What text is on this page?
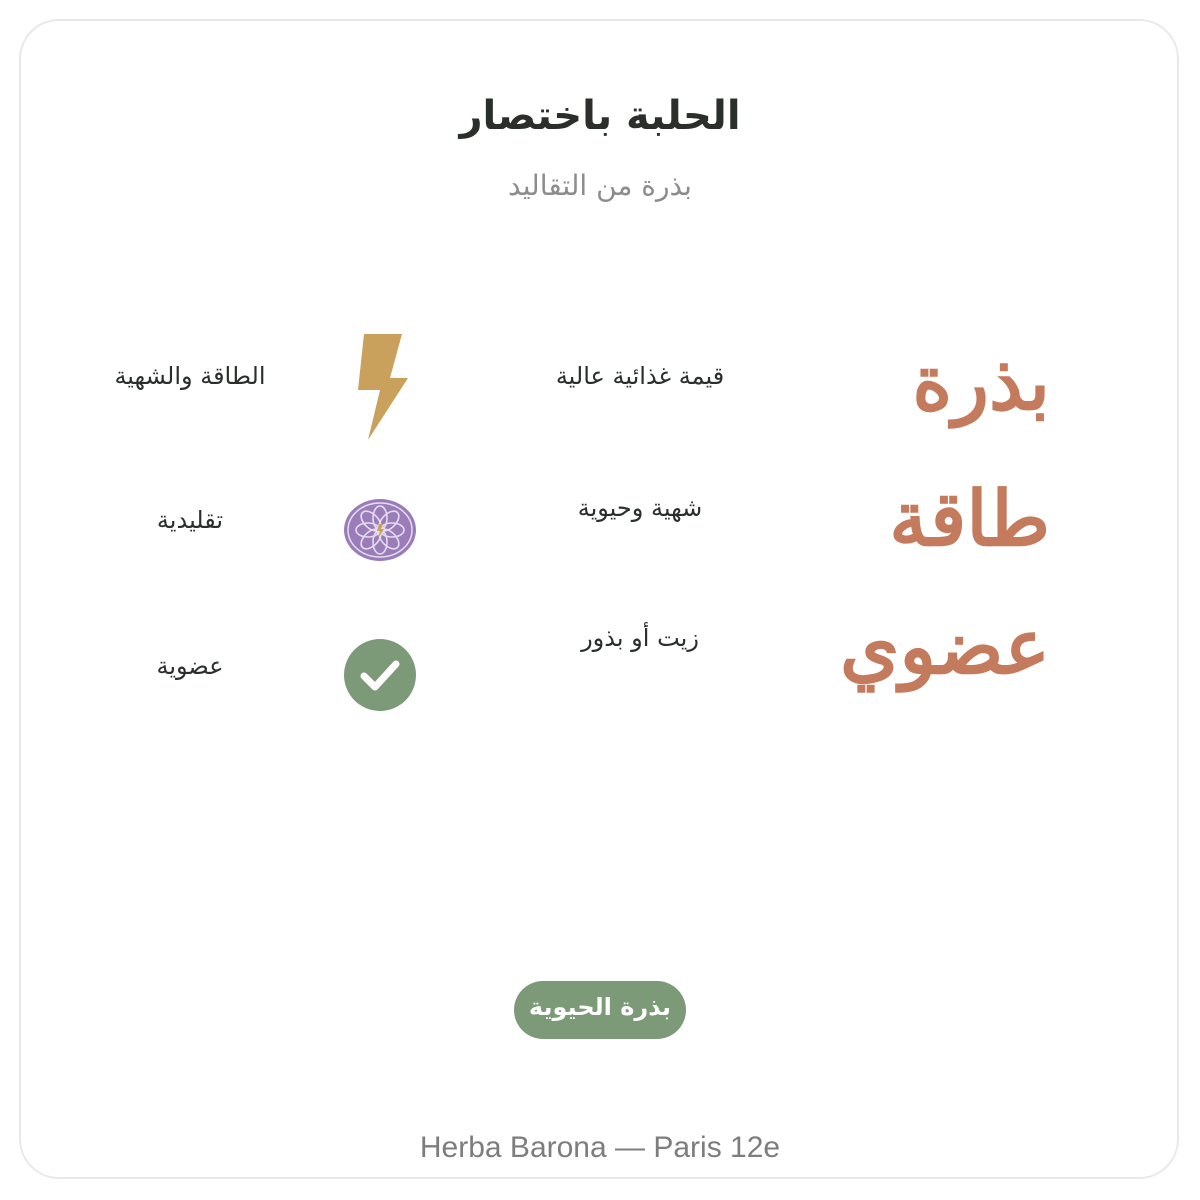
الحلبة باختصار
بذرة من التقاليد
بذرة
قيمة غذائية عالية
الطاقة والشهية
طاقة
شهية وحيوية
تقليدية
عضوي
زيت أو بذور
عضوية
بذرة الحيوية
Herba Barona — Paris 12e
